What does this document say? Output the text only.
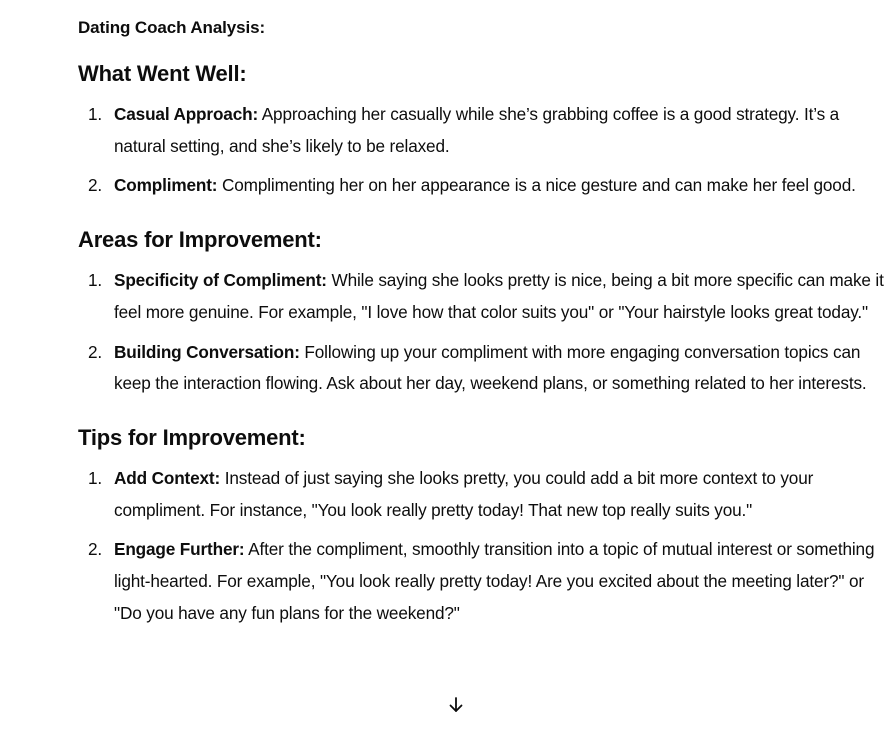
Dating Coach Analysis:
What Went Well:
1. Casual Approach: Approaching her casually while she’s grabbing coffee is a good strategy. It’s a natural setting, and she’s likely to be relaxed.
2. Compliment: Complimenting her on her appearance is a nice gesture and can make her feel good.
Areas for Improvement:
1. Specificity of Compliment: While saying she looks pretty is nice, being a bit more specific can make it feel more genuine. For example, "I love how that color suits you" or "Your hairstyle looks great today."
2. Building Conversation: Following up your compliment with more engaging conversation topics can keep the interaction flowing. Ask about her day, weekend plans, or something related to her interests.
Tips for Improvement:
1. Add Context: Instead of just saying she looks pretty, you could add a bit more context to your compliment. For instance, "You look really pretty today! That new top really suits you."
2. Engage Further: After the compliment, smoothly transition into a topic of mutual interest or something light-hearted. For example, "You look really pretty today! Are you excited about the meeting later?" or "Do you have any fun plans for the weekend?"
